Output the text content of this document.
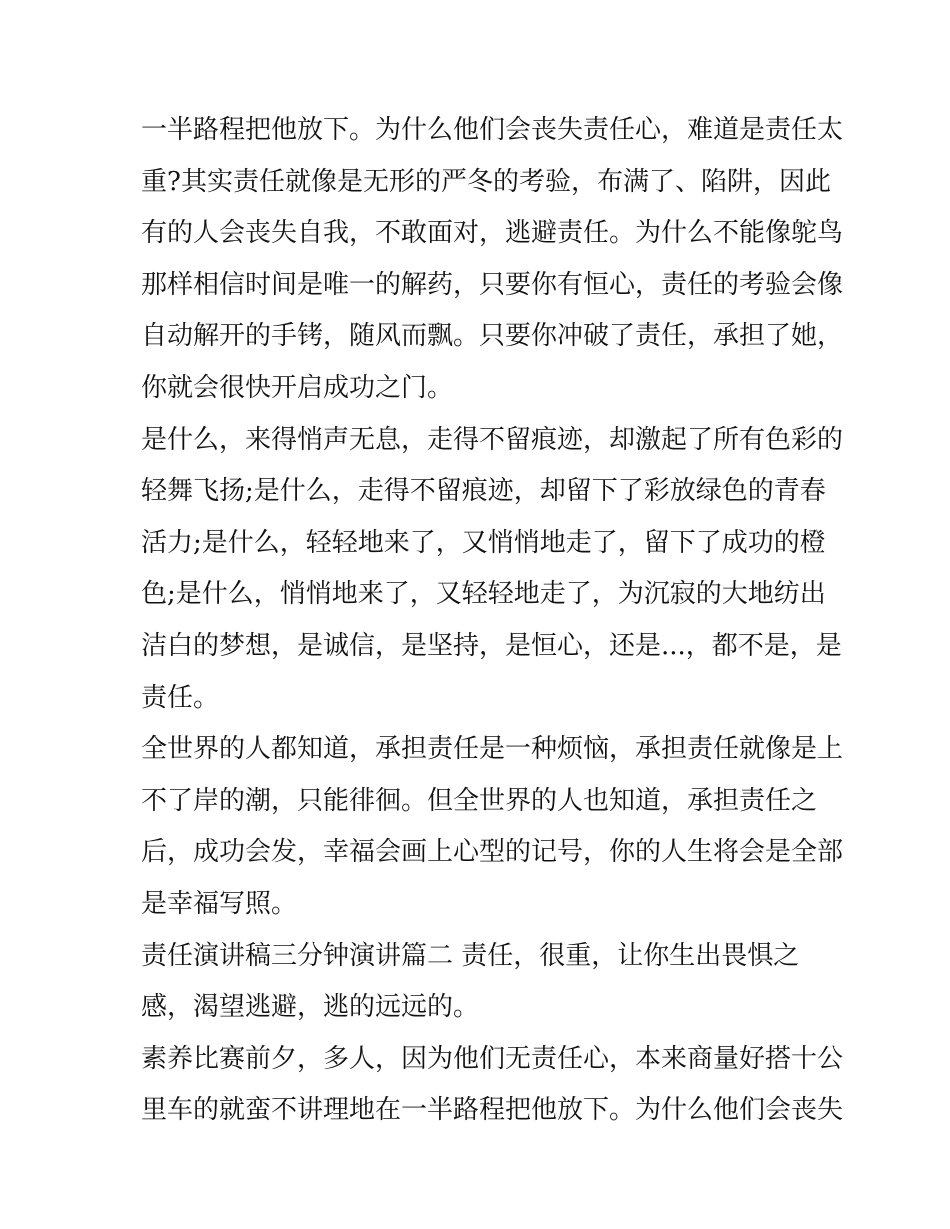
一半路程把他放下。为什么他们会丧失责任心，难道是责任太
重?其实责任就像是无形的严冬的考验，布满了、陷阱，因此
有的人会丧失自我，不敢面对，逃避责任。为什么不能像鸵鸟
那样相信时间是唯一的解药，只要你有恒心，责任的考验会像
自动解开的手铐，随风而飘。只要你冲破了责任，承担了她，
你就会很快开启成功之门。
是什么，来得悄声无息，走得不留痕迹，却激起了所有色彩的
轻舞飞扬;是什么，走得不留痕迹，却留下了彩放绿色的青春
活力;是什么，轻轻地来了，又悄悄地走了，留下了成功的橙
色;是什么，悄悄地来了，又轻轻地走了，为沉寂的大地纺出
洁白的梦想，是诚信，是坚持，是恒心，还是...，都不是，是
责任。
全世界的人都知道，承担责任是一种烦恼，承担责任就像是上
不了岸的潮，只能徘徊。但全世界的人也知道，承担责任之
后，成功会发，幸福会画上心型的记号，你的人生将会是全部
是幸福写照。
责任演讲稿三分钟演讲篇二 责任，很重，让你生出畏惧之
感，渴望逃避，逃的远远的。
素养比赛前夕，多人，因为他们无责任心，本来商量好搭十公
里车的就蛮不讲理地在一半路程把他放下。为什么他们会丧失
